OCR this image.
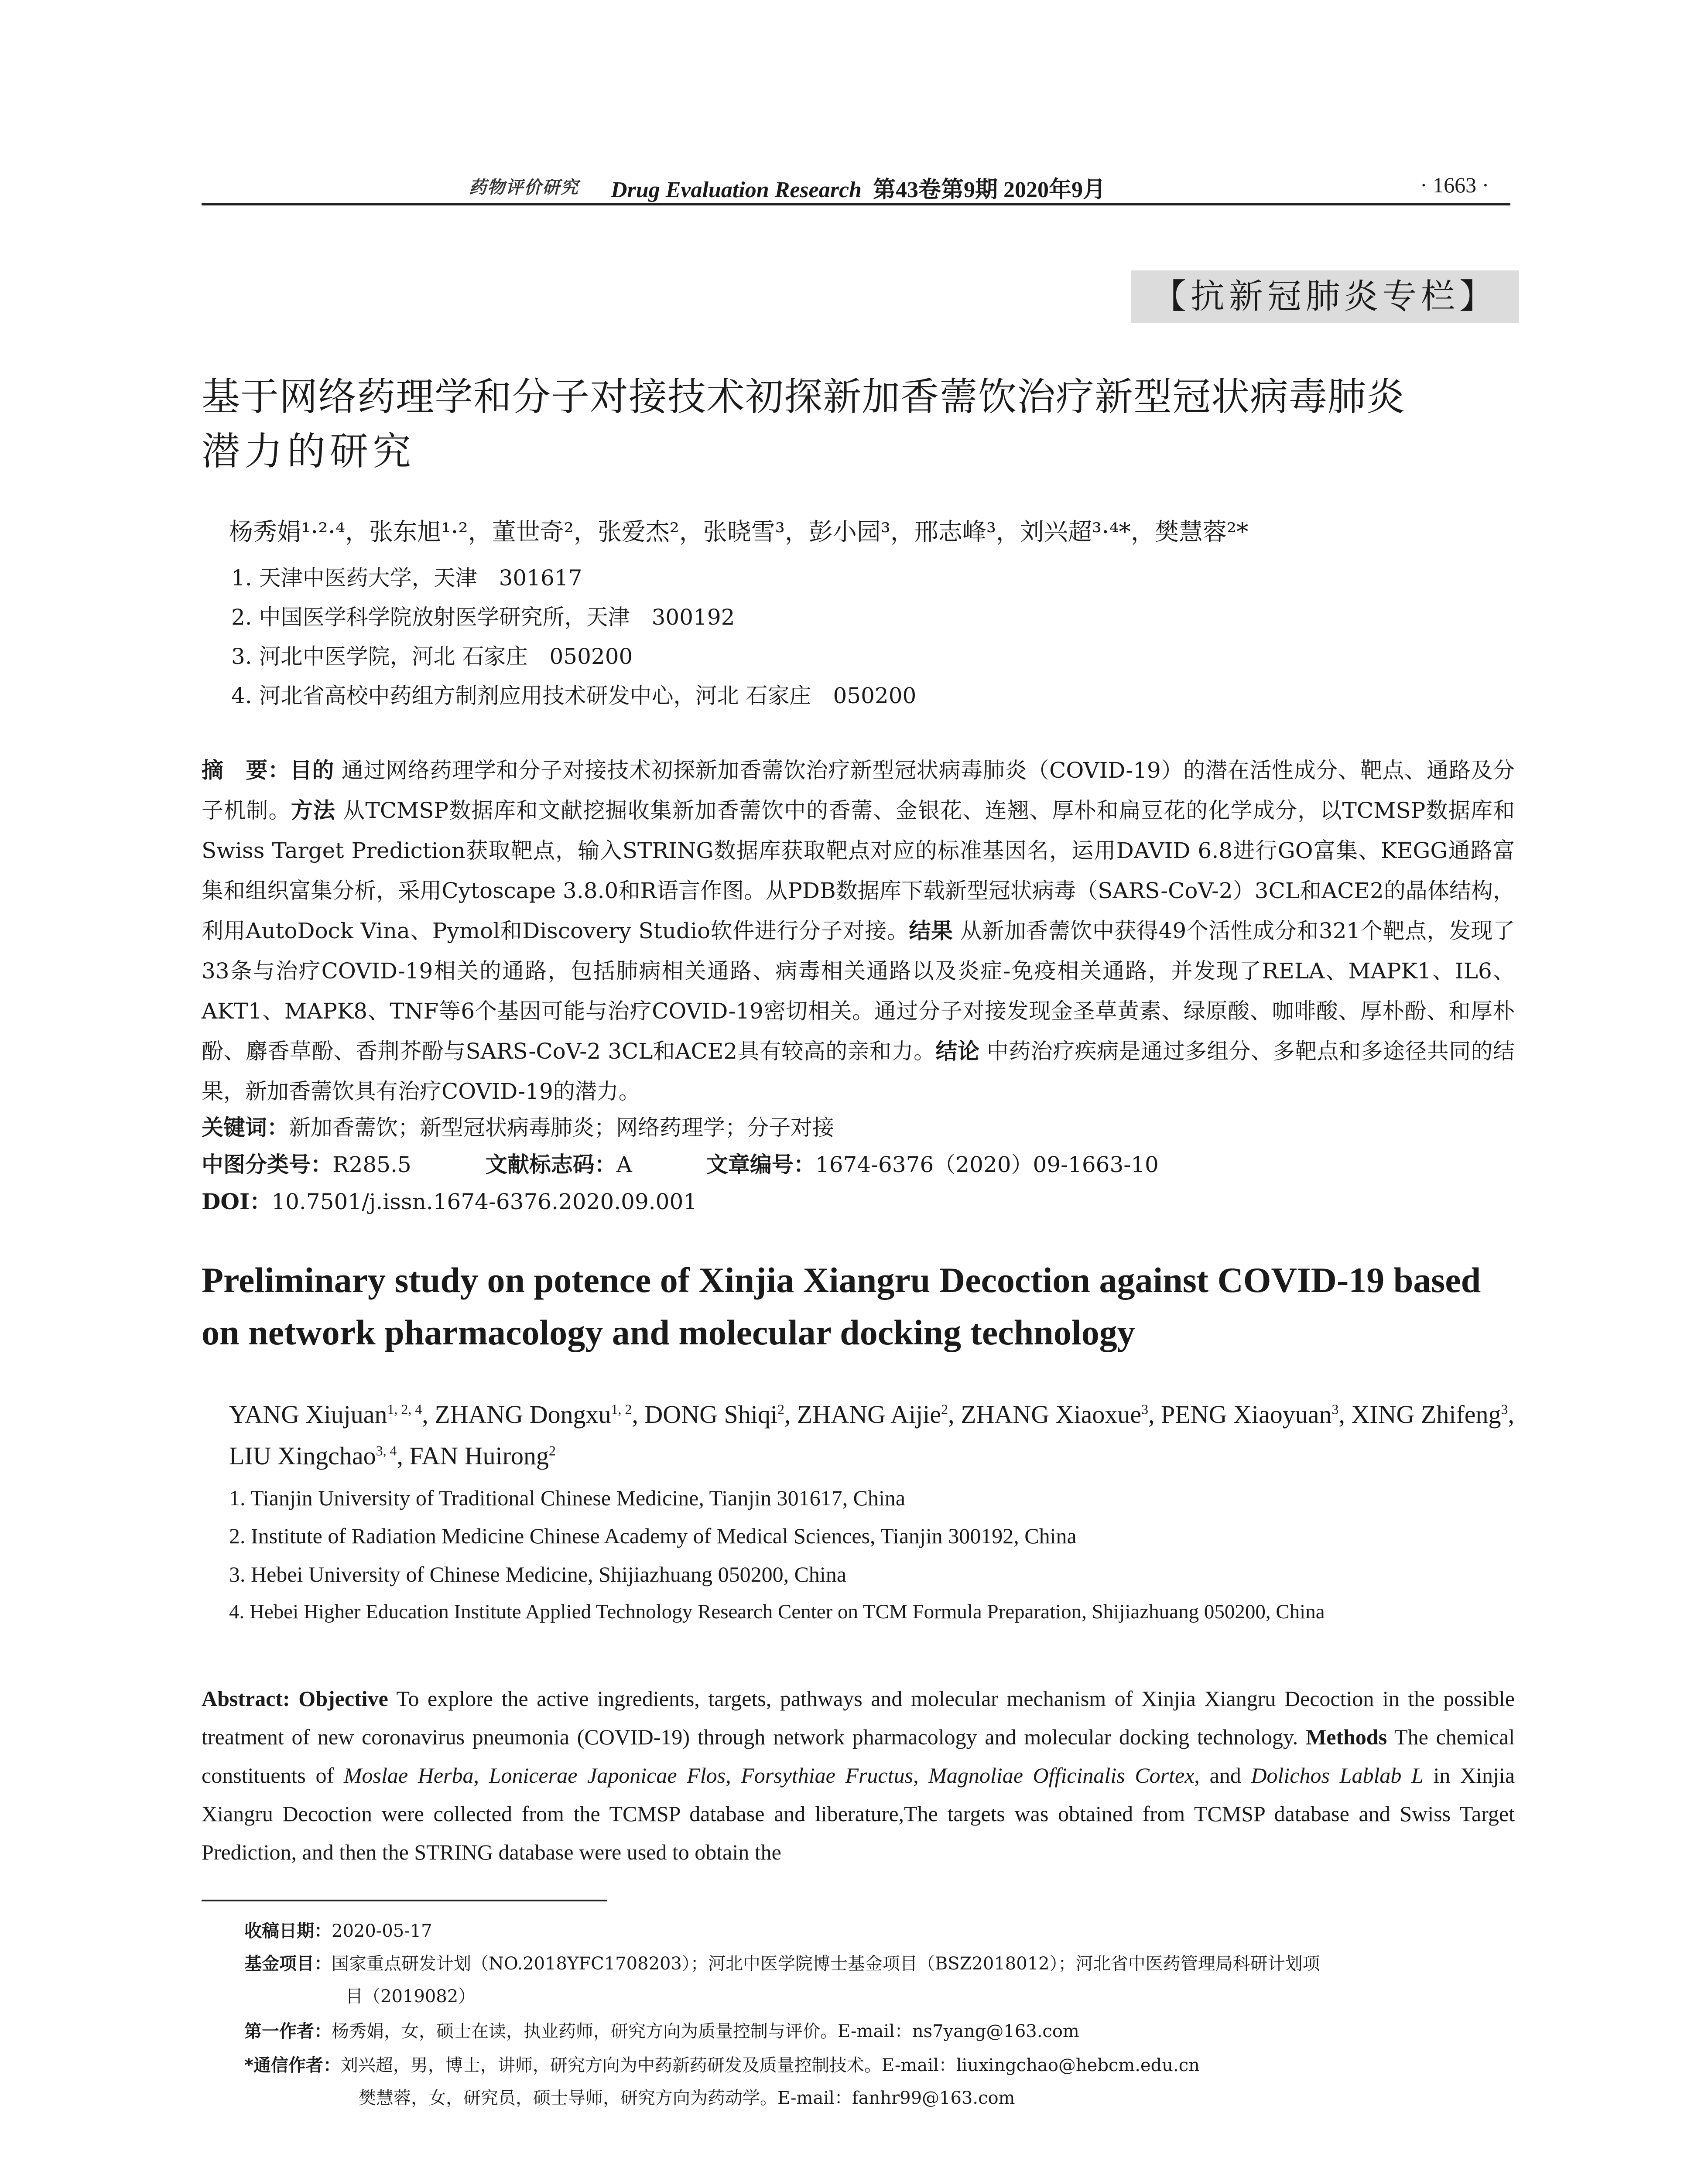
药物评价研究 Drug Evaluation Research 第43卷第9期 2020年9月	· 1663 ·
【抗新冠肺炎专栏】
基于网络药理学和分子对接技术初探新加香薷饮治疗新型冠状病毒肺炎
潜力的研究
杨秀娟¹·²·⁴，张东旭¹·²，董世奇²，张爱杰²，张晓雪³，彭小园³，邢志峰³，刘兴超³·⁴*，樊慧蓉²*
1. 天津中医药大学，天津　301617
2. 中国医学科学院放射医学研究所，天津　300192
3. 河北中医学院，河北 石家庄　050200
4. 河北省高校中药组方制剂应用技术研发中心，河北 石家庄　050200
摘　要：目的 通过网络药理学和分子对接技术初探新加香薷饮治疗新型冠状病毒肺炎（COVID-19）的潜在活性成分、靶点、通路及分子机制。方法 从TCMSP数据库和文献挖掘收集新加香薷饮中的香薷、金银花、连翘、厚朴和扁豆花的化学成分，以TCMSP数据库和Swiss Target Prediction获取靶点，输入STRING数据库获取靶点对应的标准基因名，运用DAVID 6.8进行GO富集、KEGG通路富集和组织富集分析，采用Cytoscape 3.8.0和R语言作图。从PDB数据库下载新型冠状病毒（SARS-CoV-2）3CL和ACE2的晶体结构，利用AutoDock Vina、Pymol和Discovery Studio软件进行分子对接。结果 从新加香薷饮中获得49个活性成分和321个靶点，发现了33条与治疗COVID-19相关的通路，包括肺病相关通路、病毒相关通路以及炎症-免疫相关通路，并发现了RELA、MAPK1、IL6、AKT1、MAPK8、TNF等6个基因可能与治疗COVID-19密切相关。通过分子对接发现金圣草黄素、绿原酸、咖啡酸、厚朴酚、和厚朴酚、麝香草酚、香荆芥酚与SARS-CoV-2 3CL和ACE2具有较高的亲和力。结论 中药治疗疾病是通过多组分、多靶点和多途径共同的结果，新加香薷饮具有治疗COVID-19的潜力。
关键词：新加香薷饮；新型冠状病毒肺炎；网络药理学；分子对接
中图分类号：R285.5	文献标志码：A	文章编号：1674-6376（2020）09-1663-10
DOI：10.7501/j.issn.1674-6376.2020.09.001
Preliminary study on potence of Xinjia Xiangru Decoction against COVID-19 based on network pharmacology and molecular docking technology
YANG Xiujuan$^{1, 2, 4}$, ZHANG Dongxu$^{1, 2}$, DONG Shiqi$^2$, ZHANG Aijie$^2$, ZHANG Xiaoxue$^3$, PENG Xiaoyuan$^3$, XING Zhifeng$^3$, LIU Xingchao$^{3, 4}$, FAN Huirong$^2$
1. Tianjin University of Traditional Chinese Medicine, Tianjin 301617, China
2. Institute of Radiation Medicine Chinese Academy of Medical Sciences, Tianjin 300192, China
3. Hebei University of Chinese Medicine, Shijiazhuang 050200, China
4. Hebei Higher Education Institute Applied Technology Research Center on TCM Formula Preparation, Shijiazhuang 050200, China
Abstract: Objective To explore the active ingredients, targets, pathways and molecular mechanism of Xinjia Xiangru Decoction in the possible treatment of new coronavirus pneumonia (COVID-19) through network pharmacology and molecular docking technology. Methods The chemical constituents of Moslae Herba, Lonicerae Japonicae Flos, Forsythiae Fructus, Magnoliae Officinalis Cortex, and Dolichos Lablab L in Xinjia Xiangru Decoction were collected from the TCMSP database and liberature,The targets was obtained from TCMSP database and Swiss Target Prediction, and then the STRING database were used to obtain the
收稿日期：2020-05-17
基金项目：国家重点研发计划（NO.2018YFC1708203）；河北中医学院博士基金项目（BSZ2018012）；河北省中医药管理局科研计划项
目（2019082）
第一作者：杨秀娟，女，硕士在读，执业药师，研究方向为质量控制与评价。E-mail：ns7yang@163.com
*通信作者：刘兴超，男，博士，讲师，研究方向为中药新药研发及质量控制技术。E-mail：liuxingchao@hebcm.edu.cn
樊慧蓉，女，研究员，硕士导师，研究方向为药动学。E-mail：fanhr99@163.com
